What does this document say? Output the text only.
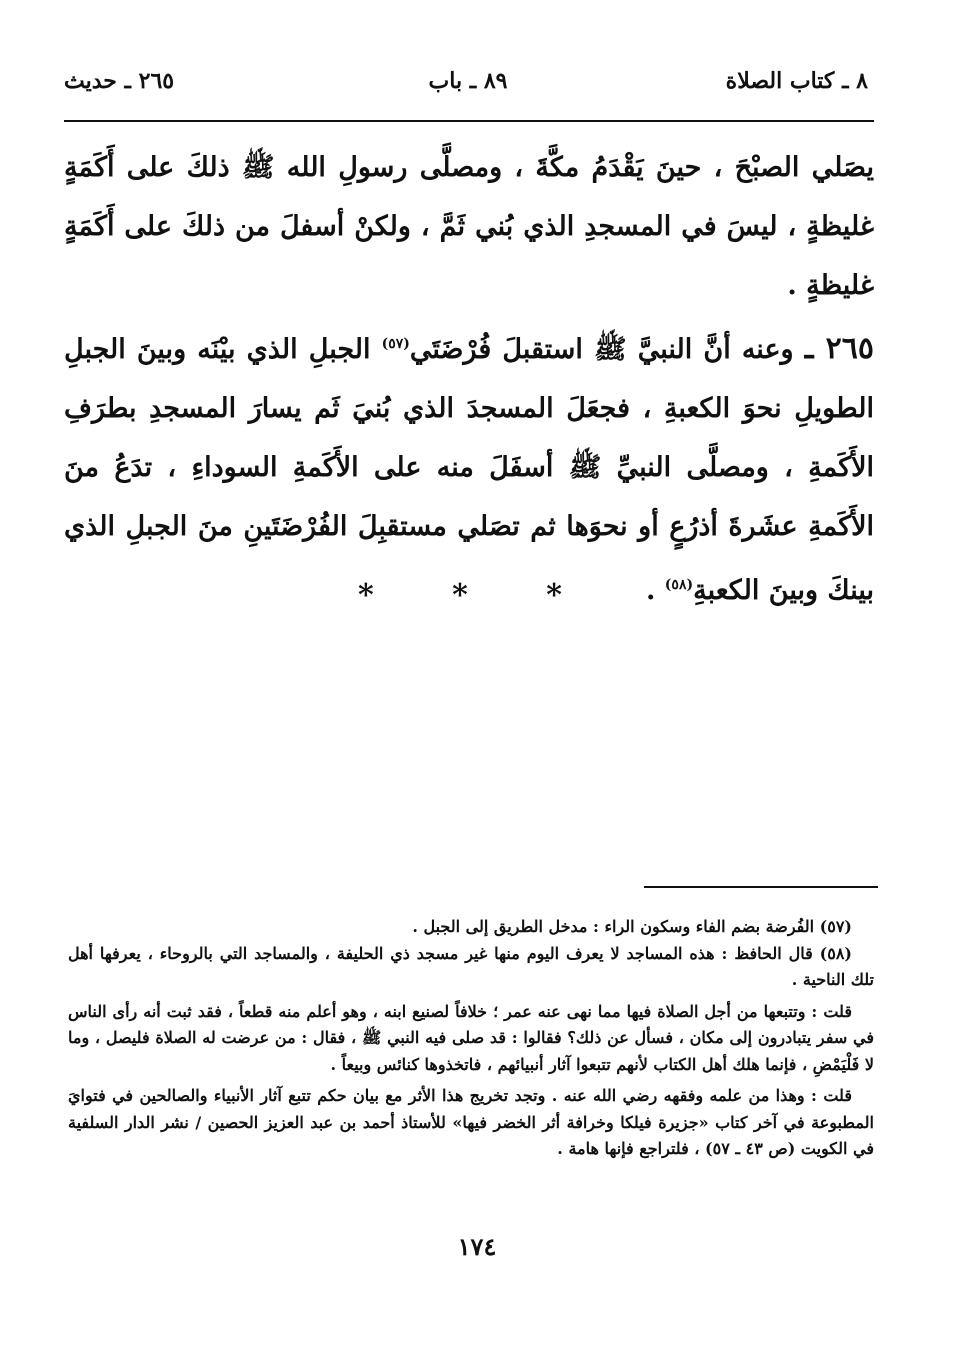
٨ ـ كتاب الصلاة
٨٩ ـ باب
٢٦٥ ـ حديث

يصَلي الصبْحَ ، حينَ يَقْدَمُ مكَّةَ ، ومصلَّى رسولِ الله ﷺ ذلكَ على أَكَمَةٍ غليظةٍ ، ليسَ في المسجدِ الذي بُني ثَمَّ ، ولكنْ أسفلَ من ذلكَ على أَكَمَةٍ غليظةٍ .

٢٦٥ ـ وعنه أنَّ النبيَّ ﷺ استقبلَ فُرْضَتَي$^{(٥٧)}$ الجبلِ الذي بيْنَه وبينَ الجبلِ الطويلِ نحوَ الكعبةِ ، فجعَلَ المسجدَ الذي بُنيَ ثَم يسارَ المسجدِ بطرَفِ الأَكَمةِ ، ومصلَّى النبيِّ ﷺ أسفَلَ منه على الأَكَمةِ السوداءِ ، تدَعُ منَ الأَكَمةِ عشَرةَ أذرُعٍ أو نحوَها ثم تصَلي مستقبِلَ الفُرْضَتَينِ منَ الجبلِ الذي بينكَ وبينَ الكعبةِ$^{(٥٨)}$ .

* * *

(٥٧) الفُرضة بضم الفاء وسكون الراء : مدخل الطريق إلى الجبل .

(٥٨) قال الحافظ : هذه المساجد لا يعرف اليوم منها غير مسجد ذي الحليفة ، والمساجد التي بالروحاء ، يعرفها أهل تلك الناحية .

قلت : وتتبعها من أجل الصلاة فيها مما نهى عنه عمر ؛ خلافاً لصنيع ابنه ، وهو أعلم منه قطعاً ، فقد ثبت أنه رأى الناس في سفر يتبادرون إلى مكان ، فسأل عن ذلك؟ فقالوا : قد صلى فيه النبي ﷺ ، فقال : من عرضت له الصلاة فليصل ، وما لا فَلْيَمْضِ ، فإنما هلك أهل الكتاب لأنهم تتبعوا آثار أنبيائهم ، فاتخذوها كنائس وبيعاً .

قلت : وهذا من علمه وفقهه رضي الله عنه . وتجد تخريج هذا الأثر مع بيان حكم تتبع آثار الأنبياء والصالحين في فتوايَ المطبوعة في آخر كتاب «جزيرة فيلكا وخرافة أثر الخضر فيها» للأستاذ أحمد بن عبد العزيز الحصين / نشر الدار السلفية في الكويت (ص ٤٣ ـ ٥٧) ، فلتراجع فإنها هامة .

١٧٤
